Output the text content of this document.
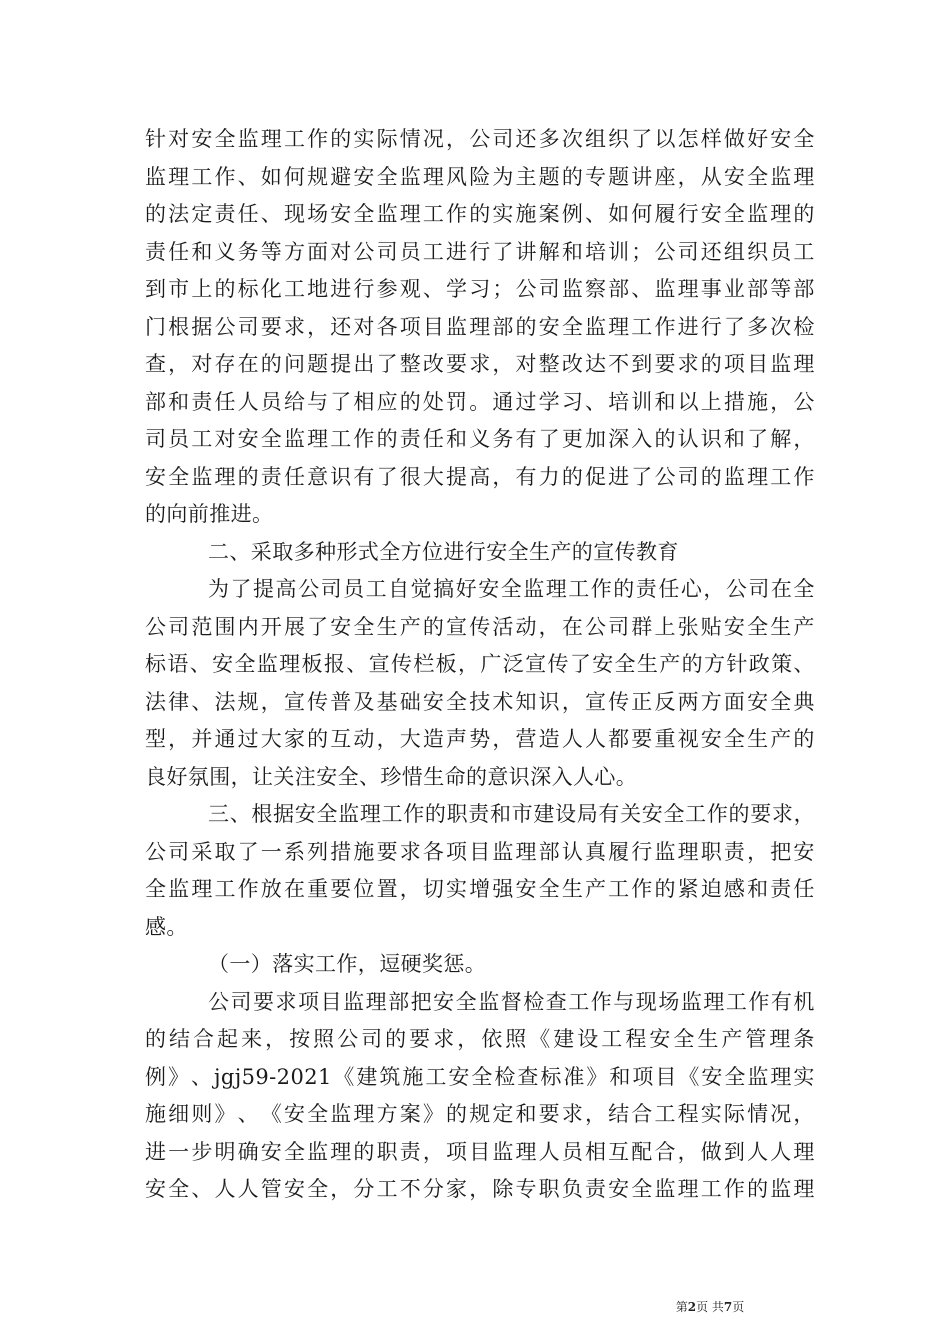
针 对 安 全 监 理 工 作 的 实 际 情 况 ， 公 司 还 多 次 组 织 了 以 怎 样 做 好 安 全
监 理 工 作 、 如 何 规 避 安 全 监 理 风 险 为 主 题 的 专 题 讲 座 ， 从 安 全 监 理
的 法 定 责 任 、 现 场 安 全 监 理 工 作 的 实 施 案 例 、 如 何 履 行 安 全 监 理 的
责 任 和 义 务 等 方 面 对 公 司 员 工 进 行 了 讲 解 和 培 训 ； 公 司 还 组 织 员 工
到 市 上 的 标 化 工 地 进 行 参 观 、 学 习 ； 公 司 监 察 部 、 监 理 事 业 部 等 部
门 根 据 公 司 要 求 ， 还 对 各 项 目 监 理 部 的 安 全 监 理 工 作 进 行 了 多 次 检
查 ， 对 存 在 的 问 题 提 出 了 整 改 要 求 ， 对 整 改 达 不 到 要 求 的 项 目 监 理
部 和 责 任 人 员 给 与 了 相 应 的 处 罚 。 通 过 学 习 、 培 训 和 以 上 措 施 ， 公
司 员 工 对 安 全 监 理 工 作 的 责 任 和 义 务 有 了 更 加 深 入 的 认 识 和 了 解 ，
安 全 监 理 的 责 任 意 识 有 了 很 大 提 高 ， 有 力 的 促 进 了 公 司 的 监 理 工 作
的向前推进。
二、采取多种形式全方位进行安全生产的宣传教育
为 了 提 高 公 司 员 工 自 觉 搞 好 安 全 监 理 工 作 的 责 任 心 ， 公 司 在 全
公 司 范 围 内 开 展 了 安 全 生 产 的 宣 传 活 动 ， 在 公 司 群 上 张 贴 安 全 生 产
标 语 、 安 全 监 理 板 报 、 宣 传 栏 板 ， 广 泛 宣 传 了 安 全 生 产 的 方 针 政 策 、
法 律 、 法 规 ， 宣 传 普 及 基 础 安 全 技 术 知 识 ， 宣 传 正 反 两 方 面 安 全 典
型 ， 并 通 过 大 家 的 互 动 ， 大 造 声 势 ， 营 造 人 人 都 要 重 视 安 全 生 产 的
良好氛围，让关注安全、珍惜生命的意识深入人心。
三 、 根 据 安 全 监 理 工 作 的 职 责 和 市 建 设 局 有 关 安 全 工 作 的 要 求 ，
公 司 采 取 了 一 系 列 措 施 要 求 各 项 目 监 理 部 认 真 履 行 监 理 职 责 ， 把 安
全 监 理 工 作 放 在 重 要 位 置 ， 切 实 增 强 安 全 生 产 工 作 的 紧 迫 感 和 责 任
感。
（一）落实工作，逗硬奖惩。
公 司 要 求 项 目 监 理 部 把 安 全 监 督 检 查 工 作 与 现 场 监 理 工 作 有 机
的 结 合 起 来 ， 按 照 公 司 的 要 求 ， 依 照 《 建 设 工 程 安 全 生 产 管 理 条
例 》 、 jgj59-2021 《 建 筑 施 工 安 全 检 查 标 准 》 和 项 目 《 安 全 监 理 实
施 细 则 》 、 《 安 全 监 理 方 案 》 的 规 定 和 要 求 ， 结 合 工 程 实 际 情 况 ，
进 一 步 明 确 安 全 监 理 的 职 责 ， 项 目 监 理 人 员 相 互 配 合 ， 做 到 人 人 理
安 全 、 人 人 管 安 全 ， 分 工 不 分 家 ， 除 专 职 负 责 安 全 监 理 工 作 的 监 理
第2页 共7页
